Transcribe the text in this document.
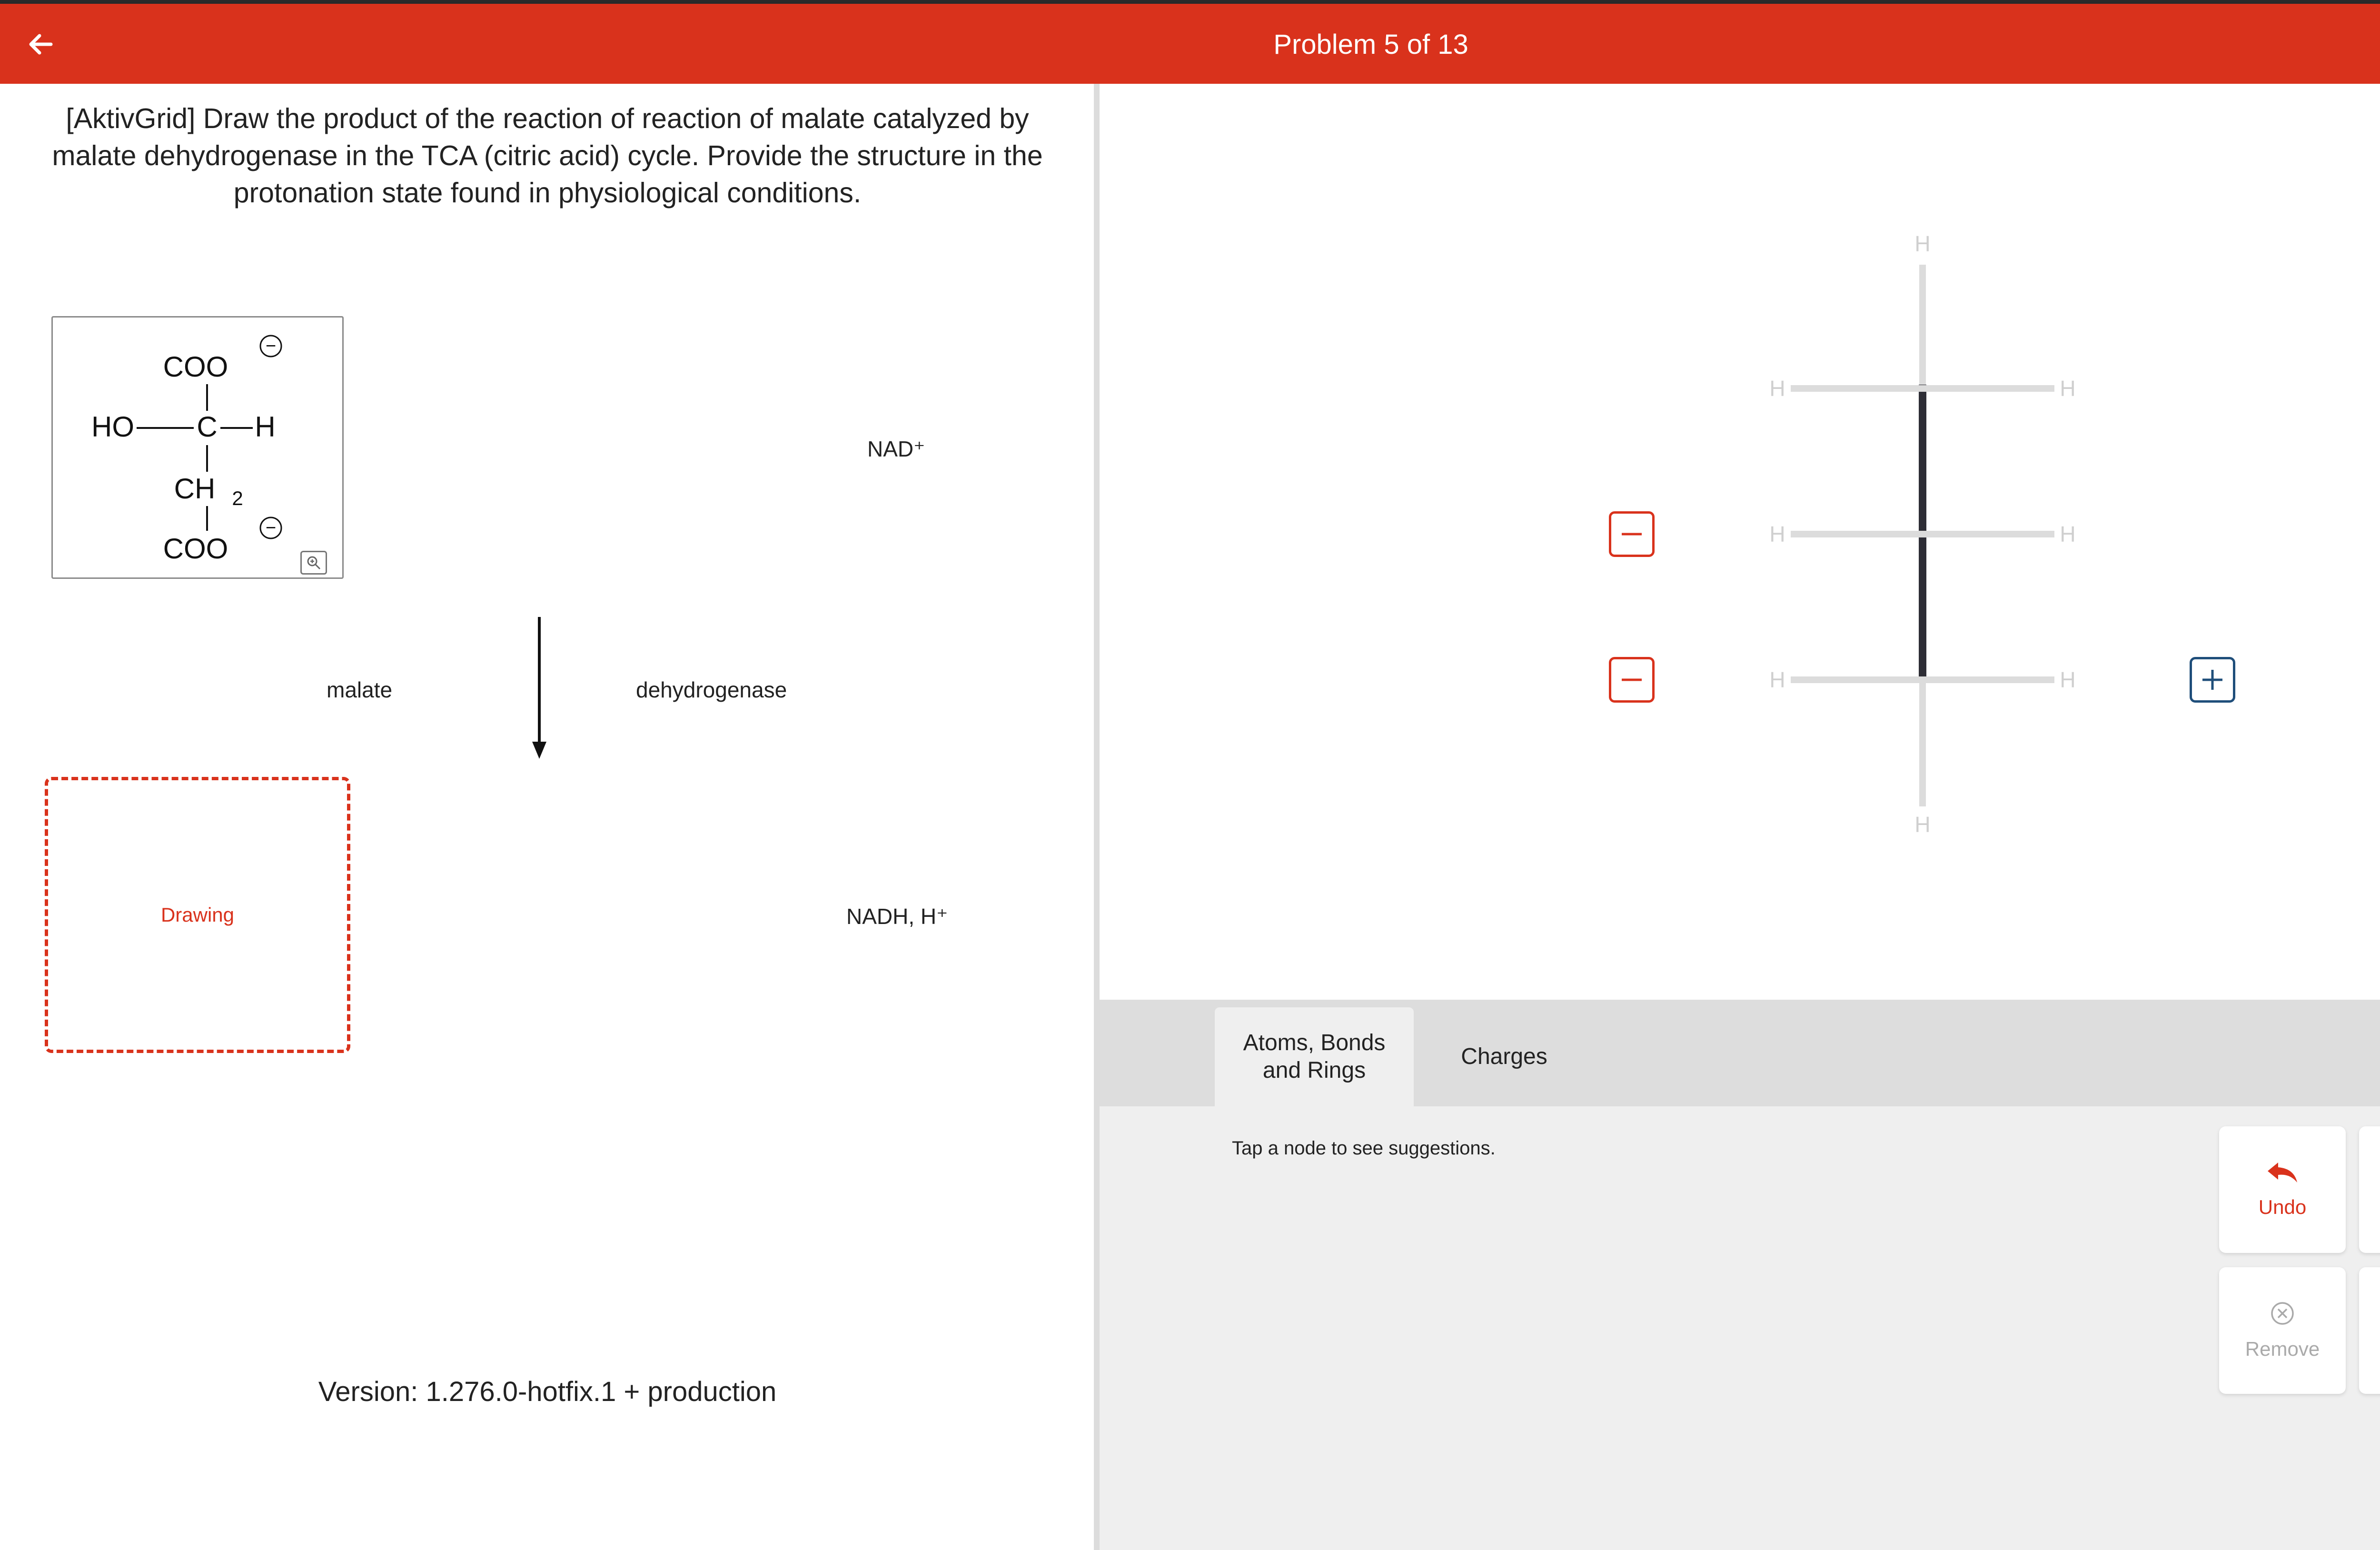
Problem 5 of 13
[AktivGrid] Draw the product of the reaction of reaction of malate catalyzed by malate dehydrogenase in the TCA (citric acid) cycle. Provide the structure in the protonation state found in physiological conditions.
COO
−
HO C H
CH 2
COO
−
NAD⁺
malate	dehydrogenase
NADH, H⁺
Drawing
Version: 1.276.0-hotfix.1 + production
H
H	H
H	H
H	H
H
Atoms, Bonds
and Rings
Charges
Tap a node to see suggestions.
Undo
Remove
